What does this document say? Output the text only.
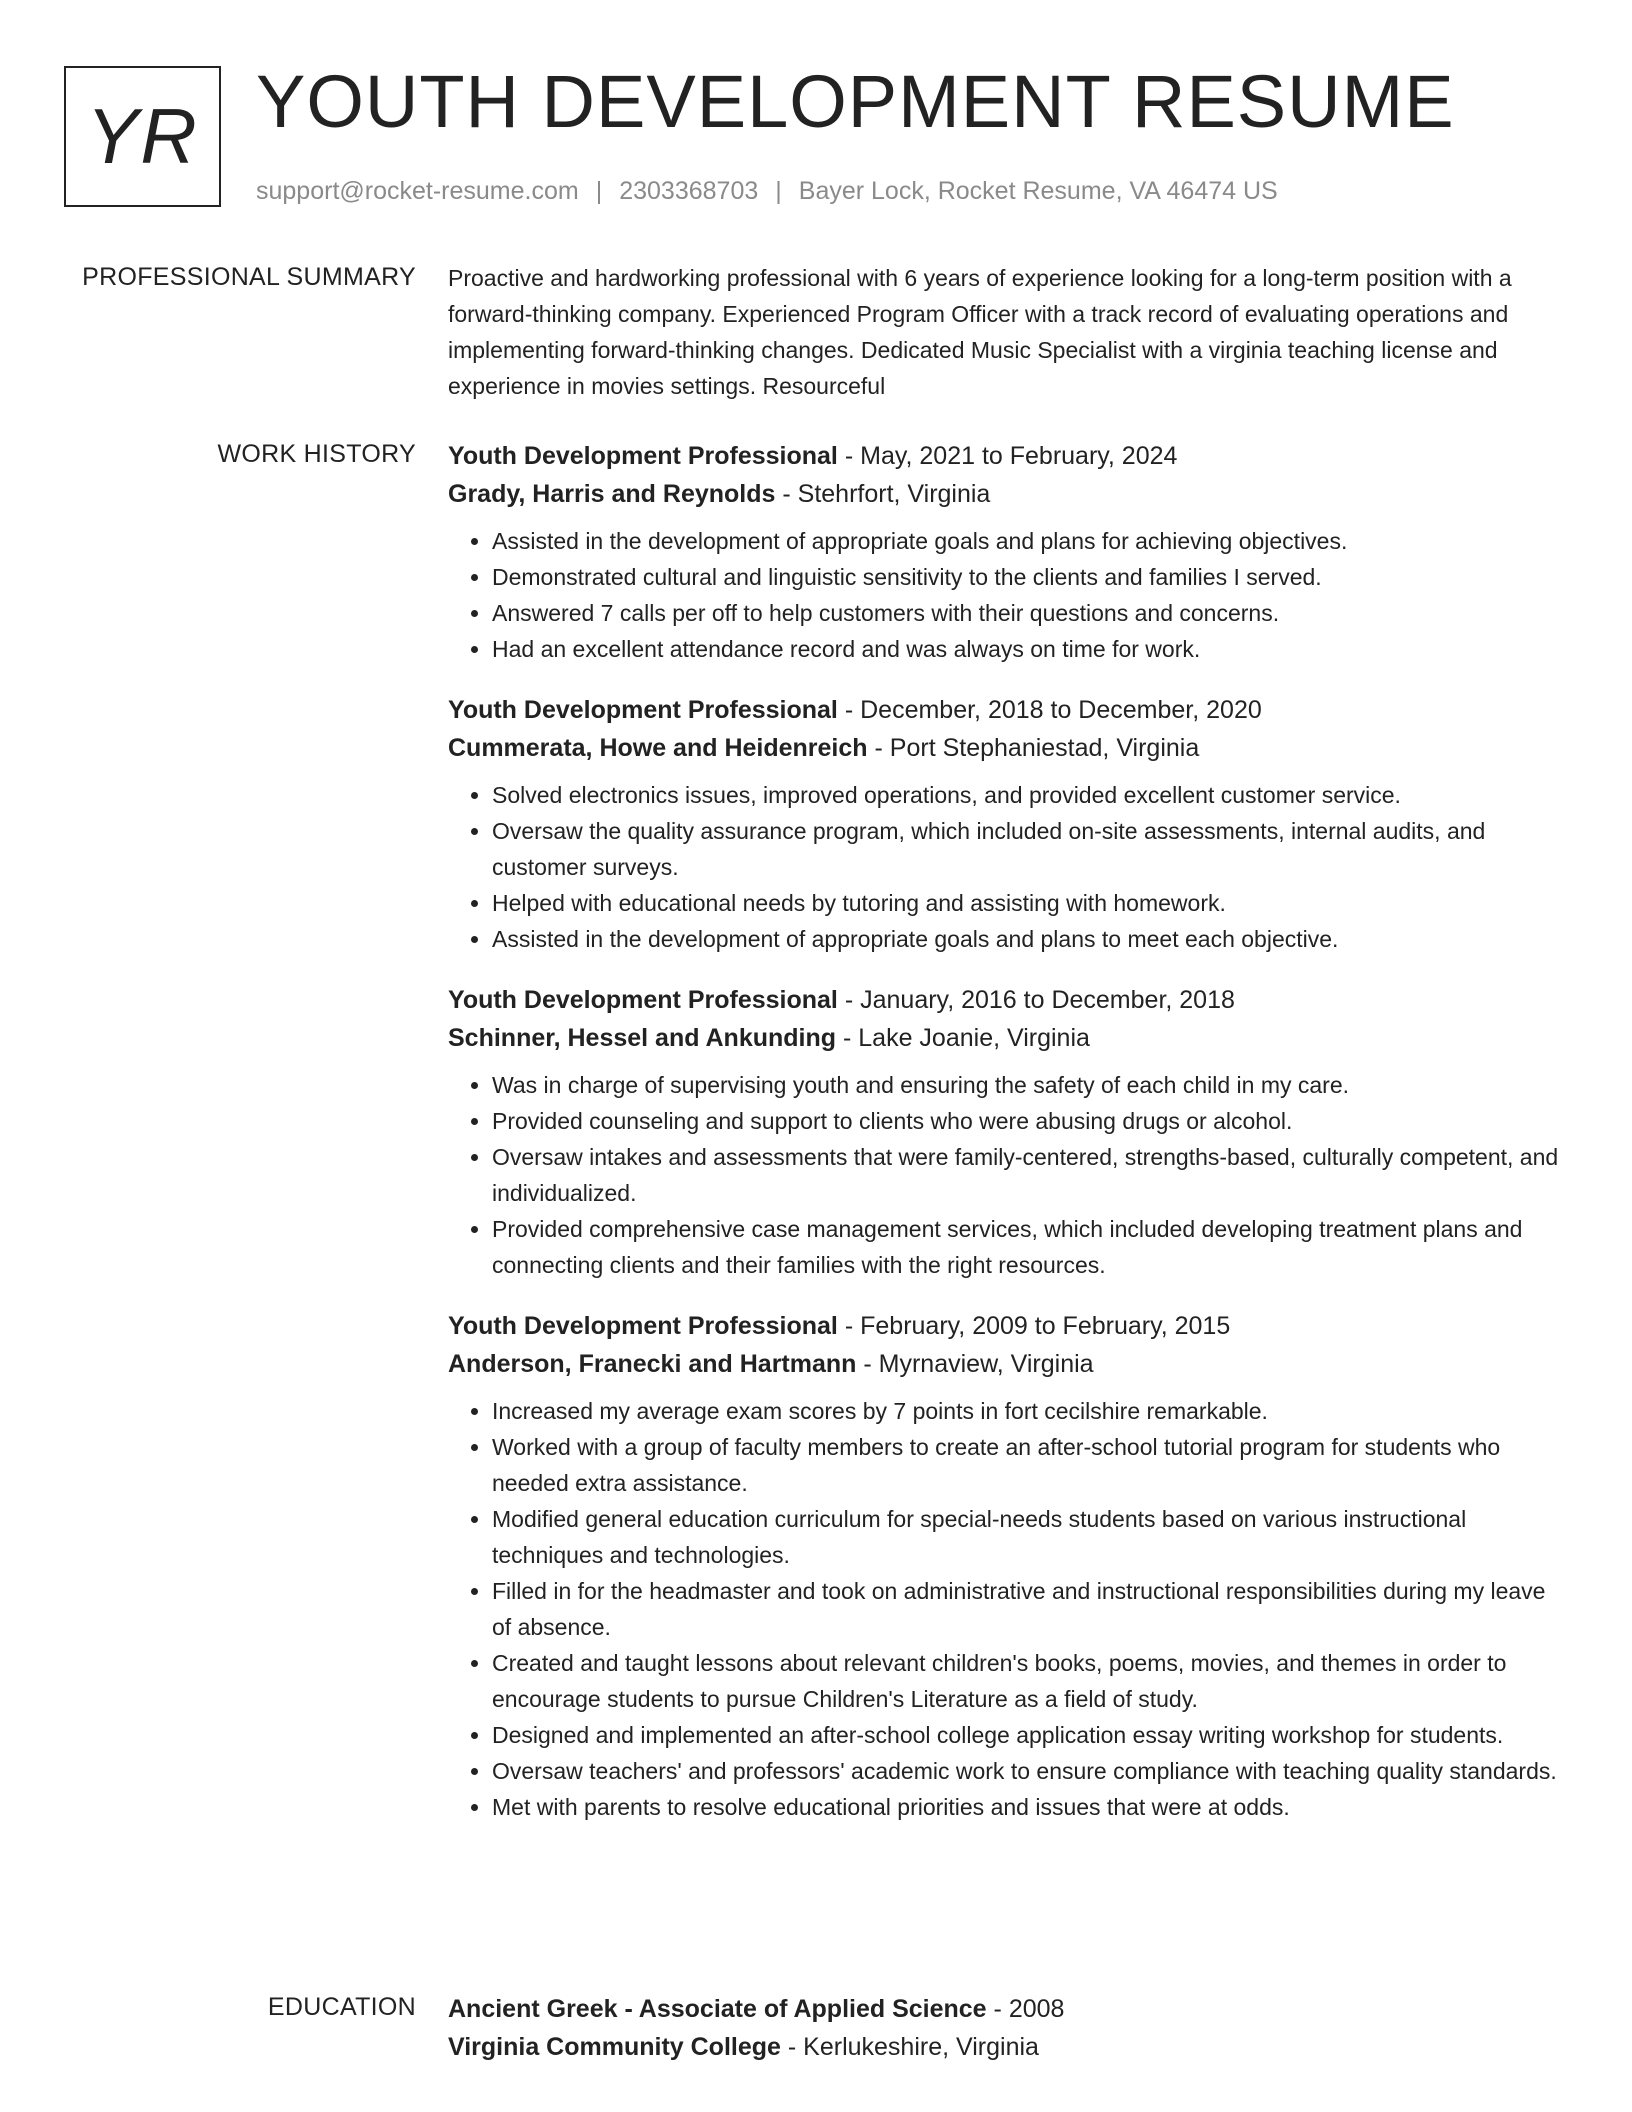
YR YOUTH DEVELOPMENT RESUME
support@rocket-resume.com | 2303368703 | Bayer Lock, Rocket Resume, VA 46474 US
PROFESSIONAL SUMMARY Proactive and hardworking professional with 6 years of experience looking for a long-term position with a forward-thinking company. Experienced Program Officer with a track record of evaluating operations and implementing forward-thinking changes. Dedicated Music Specialist with a virginia teaching license and experience in movies settings. Resourceful

WORK HISTORY Youth Development Professional - May, 2021 to February, 2024
Grady, Harris and Reynolds - Stehrfort, Virginia
• Assisted in the development of appropriate goals and plans for achieving objectives.
• Demonstrated cultural and linguistic sensitivity to the clients and families I served.
• Answered 7 calls per off to help customers with their questions and concerns.
• Had an excellent attendance record and was always on time for work.
Youth Development Professional - December, 2018 to December, 2020
Cummerata, Howe and Heidenreich - Port Stephaniestad, Virginia
• Solved electronics issues, improved operations, and provided excellent customer service.
• Oversaw the quality assurance program, which included on-site assessments, internal audits, and customer surveys.
• Helped with educational needs by tutoring and assisting with homework.
• Assisted in the development of appropriate goals and plans to meet each objective.
Youth Development Professional - January, 2016 to December, 2018
Schinner, Hessel and Ankunding - Lake Joanie, Virginia
• Was in charge of supervising youth and ensuring the safety of each child in my care.
• Provided counseling and support to clients who were abusing drugs or alcohol.
• Oversaw intakes and assessments that were family-centered, strengths-based, culturally competent, and individualized.
• Provided comprehensive case management services, which included developing treatment plans and connecting clients and their families with the right resources.
Youth Development Professional - February, 2009 to February, 2015
Anderson, Franecki and Hartmann - Myrnaview, Virginia
• Increased my average exam scores by 7 points in fort cecilshire remarkable.
• Worked with a group of faculty members to create an after-school tutorial program for students who needed extra assistance.
• Modified general education curriculum for special-needs students based on various instructional techniques and technologies.
• Filled in for the headmaster and took on administrative and instructional responsibilities during my leave of absence.
• Created and taught lessons about relevant children's books, poems, movies, and themes in order to encourage students to pursue Children's Literature as a field of study.
• Designed and implemented an after-school college application essay writing workshop for students.
• Oversaw teachers' and professors' academic work to ensure compliance with teaching quality standards.
• Met with parents to resolve educational priorities and issues that were at odds.
EDUCATION Ancient Greek - Associate of Applied Science - 2008
Virginia Community College - Kerlukeshire, Virginia
